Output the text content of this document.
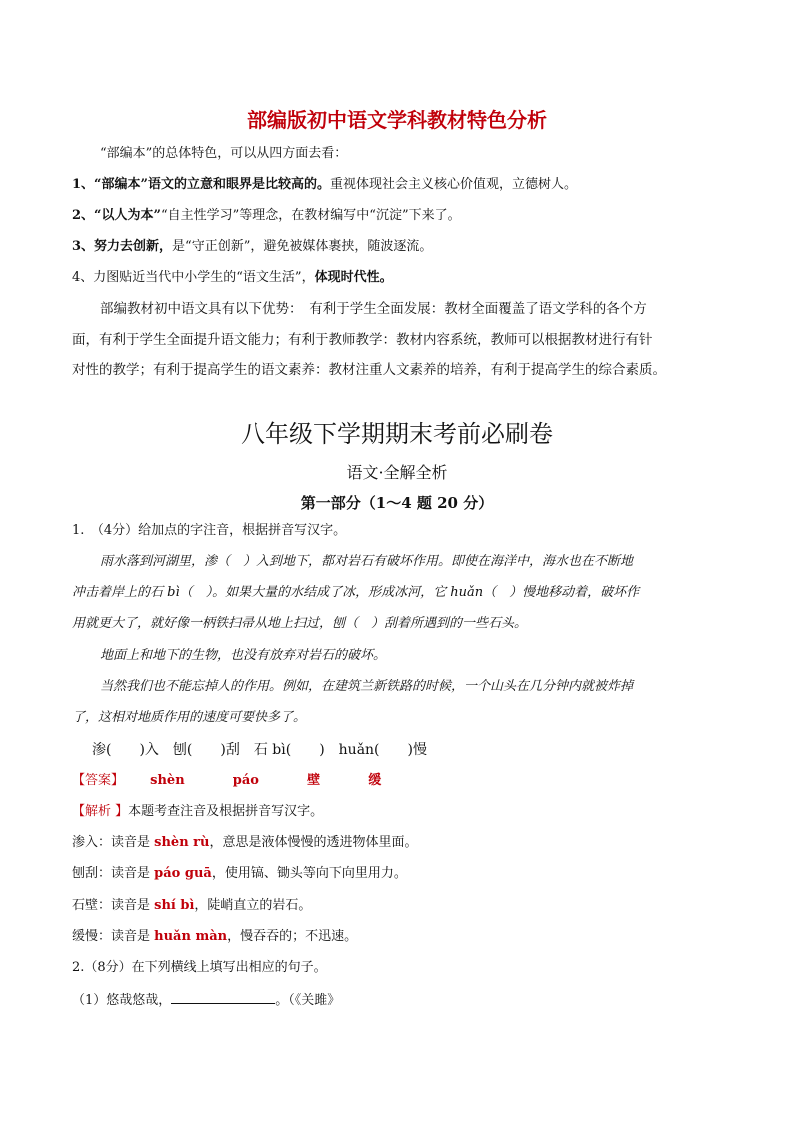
部编版初中语文学科教材特色分析
“部编本”的总体特色，可以从四方面去看：
1、“部编本”语文的立意和眼界是比较高的。重视体现社会主义核心价值观，立德树人。
2、“以人为本”“自主性学习”等理念，在教材编写中“沉淀”下来了。
3、努力去创新，是“守正创新”，避免被媒体裹挟，随波逐流。
4、力图贴近当代中小学生的“语文生活”，体现时代性。
部编教材初中语文具有以下优势：　有利于学生全面发展：教材全面覆盖了语文学科的各个方
面，有利于学生全面提升语文能力；有利于教师教学：教材内容系统，教师可以根据教材进行有针
对性的教学；有利于提高学生的语文素养：教材注重人文素养的培养，有利于提高学生的综合素质。
八年级下学期期末考前必刷卷
语文·全解全析
第一部分（1～4 题 20 分）
1.　（4分）给加点的字注音，根据拼音写汉字。
雨水落到河湖里，渗（　）入到地下，都对岩石有破坏作用。即使在海洋中，海水也在不断地
冲击着岸上的石 bì（　）。如果大量的水结成了冰，形成冰河，它 huǎn（　）慢地移动着，破坏作
用就更大了，就好像一柄铁扫帚从地上扫过，刨（　）刮着所遇到的一些石头。
地面上和地下的生物，也没有放弃对岩石的破坏。
当然我们也不能忘掉人的作用。例如，在建筑兰新铁路的时候，一个山头在几分钟内就被炸掉
了，这相对地质作用的速度可要快多了。
渗(　　)入　刨(　　)刮　石 bì(　　)　huǎn(　　)慢
【答案】 shèn	páo	壁	缓
【解析 】本题考查注音及根据拼音写汉字。
渗入：读音是 shèn rù，意思是液体慢慢的透进物体里面。
刨刮：读音是 páo guā，使用镐、锄头等向下向里用力。
石壁：读音是 shí bì，陡峭直立的岩石。
缓慢：读音是 huǎn màn，慢吞吞的；不迅速。
2.（8分）在下列横线上填写出相应的句子。
（1）悠哉悠哉，	。（《关雎》
